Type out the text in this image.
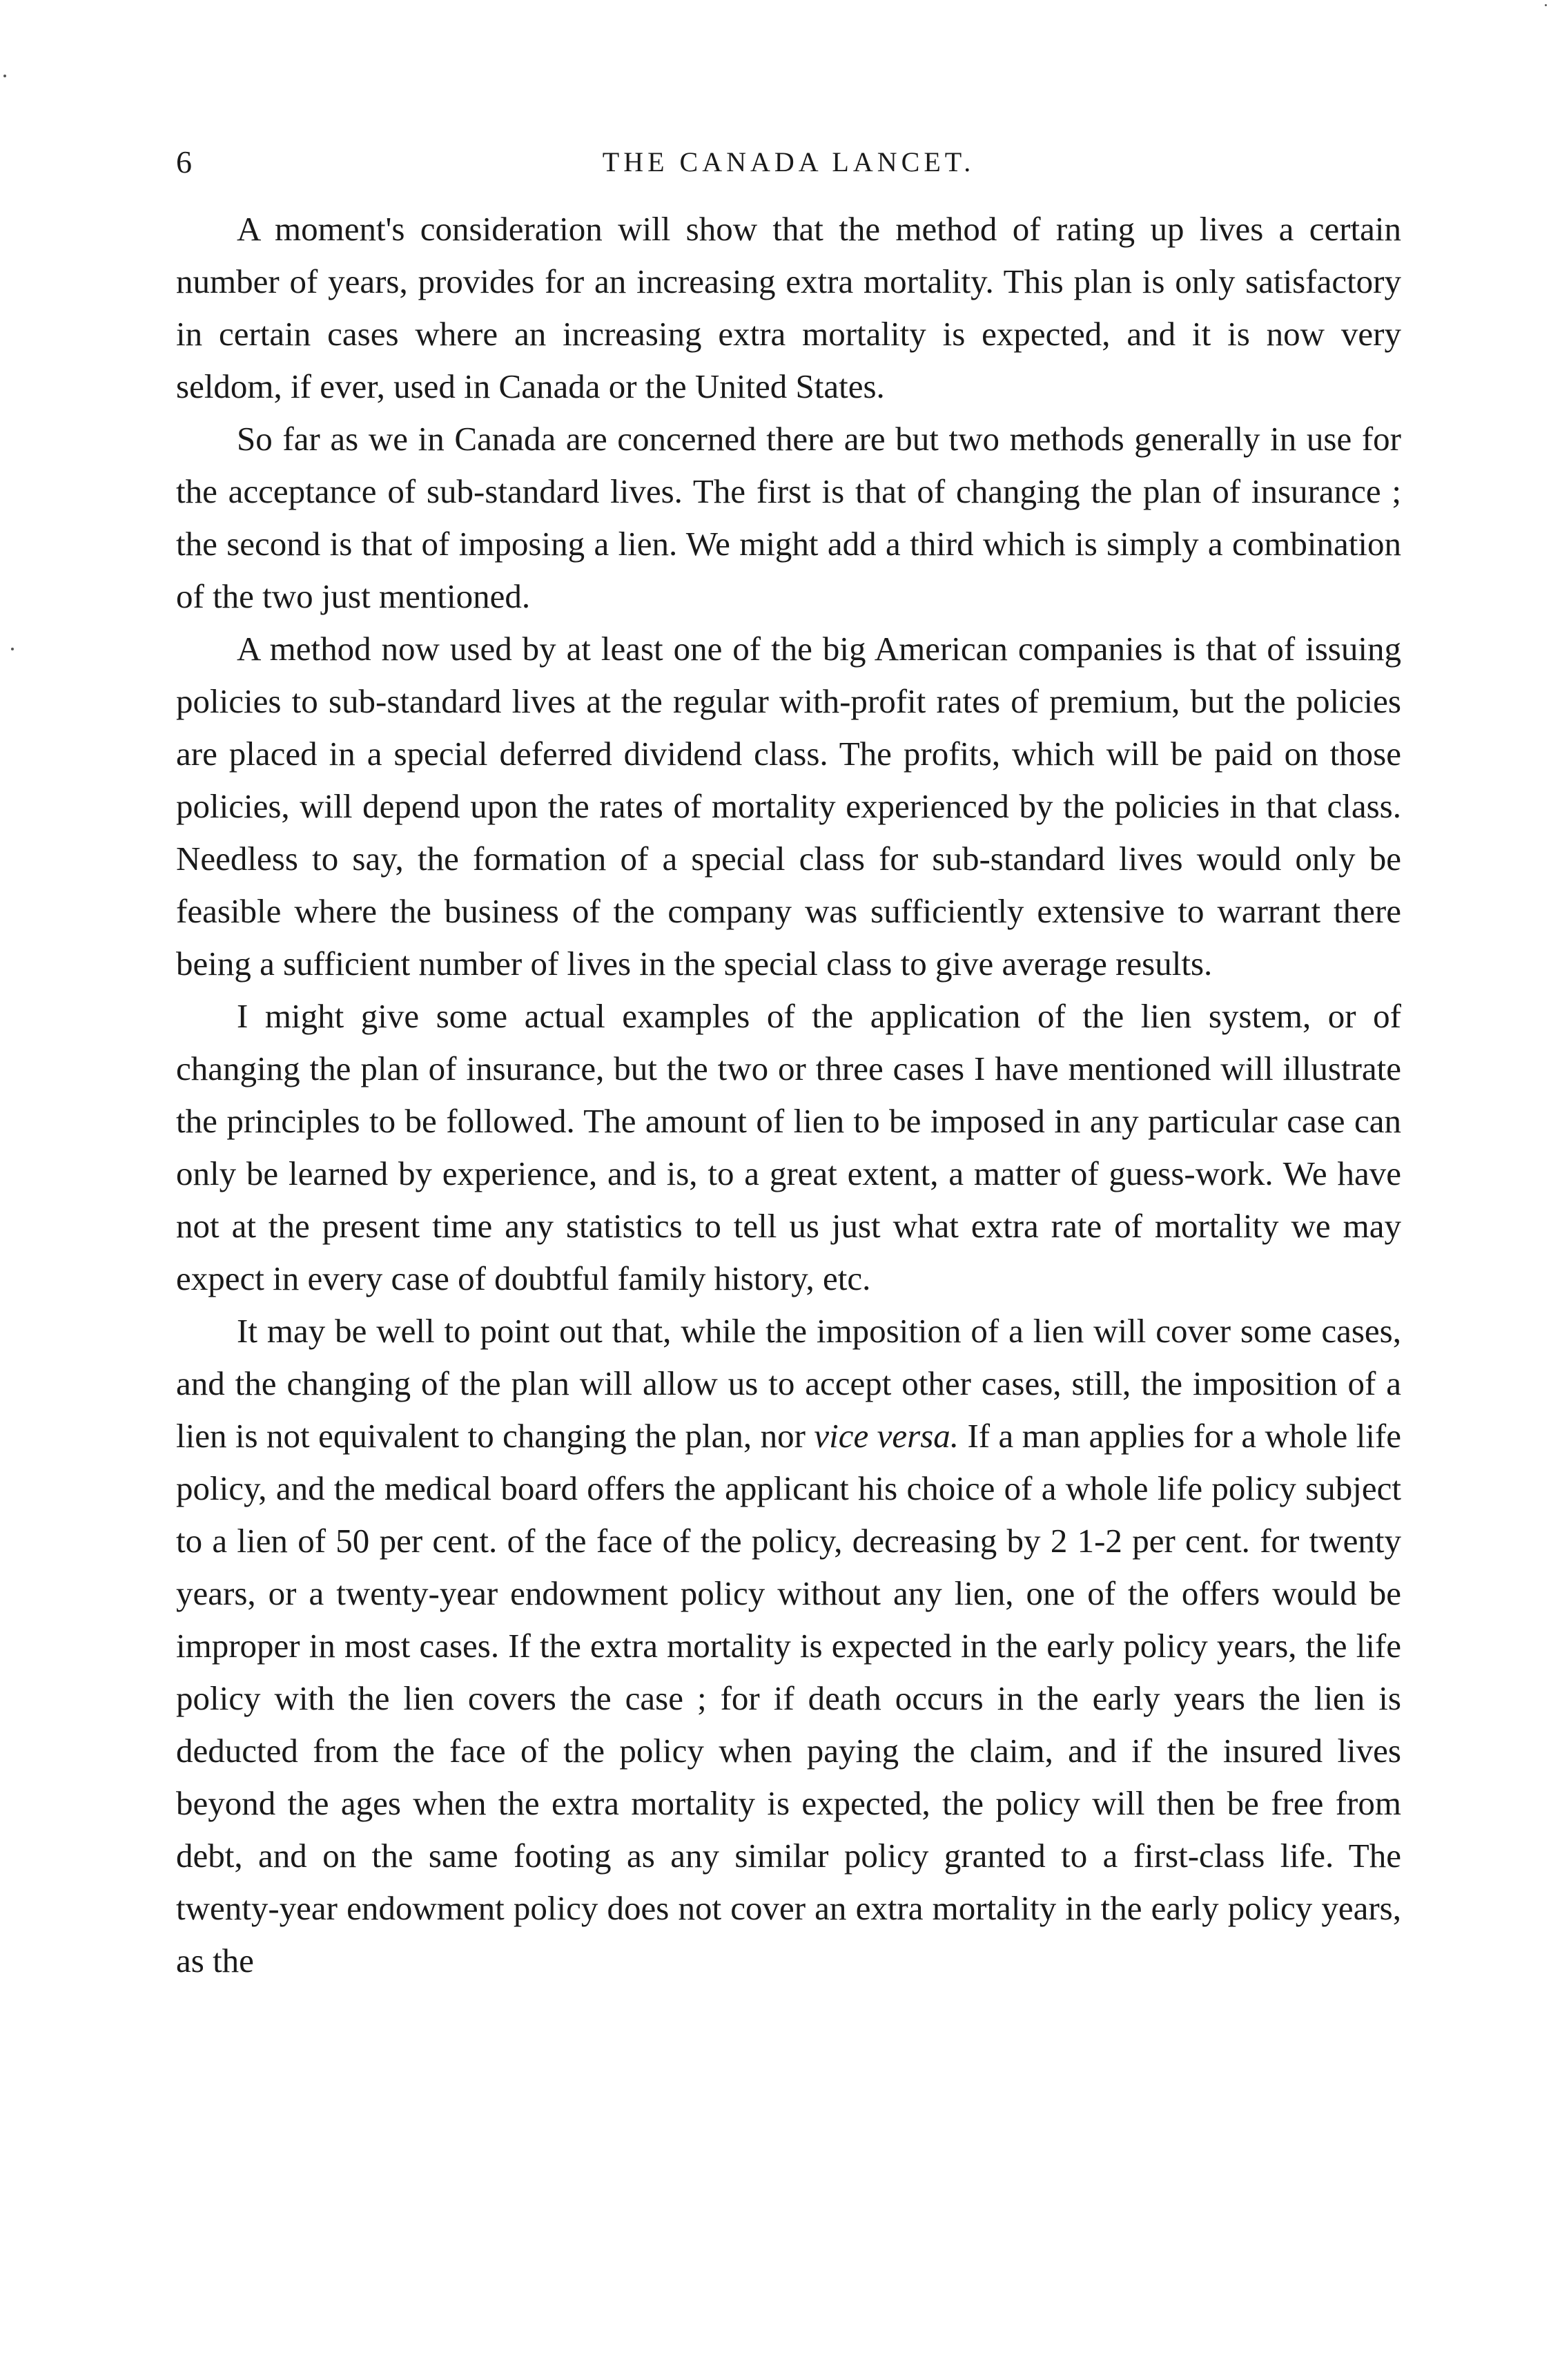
6	THE CANADA LANCET.

A moment's consideration will show that the method of rating up lives a certain number of years, provides for an increasing extra mortality. This plan is only satisfactory in certain cases where an increasing extra mortality is expected, and it is now very seldom, if ever, used in Canada or the United States.

So far as we in Canada are concerned there are but two methods generally in use for the acceptance of sub-standard lives. The first is that of changing the plan of insurance ; the second is that of imposing a lien. We might add a third which is simply a combination of the two just mentioned.

A method now used by at least one of the big American companies is that of issuing policies to sub-standard lives at the regular with-profit rates of premium, but the policies are placed in a special deferred dividend class. The profits, which will be paid on those policies, will depend upon the rates of mortality experienced by the policies in that class. Needless to say, the formation of a special class for sub-standard lives would only be feasible where the business of the company was sufficiently extensive to warrant there being a sufficient number of lives in the special class to give average results.

I might give some actual examples of the application of the lien system, or of changing the plan of insurance, but the two or three cases I have mentioned will illustrate the principles to be followed. The amount of lien to be imposed in any particular case can only be learned by experience, and is, to a great extent, a matter of guess-work. We have not at the present time any statistics to tell us just what extra rate of mortality we may expect in every case of doubtful family history, etc.

It may be well to point out that, while the imposition of a lien will cover some cases, and the changing of the plan will allow us to accept other cases, still, the imposition of a lien is not equivalent to changing the plan, nor vice versa. If a man applies for a whole life policy, and the medical board offers the applicant his choice of a whole life policy subject to a lien of 50 per cent. of the face of the policy, decreasing by 2 1-2 per cent. for twenty years, or a twenty-year endowment policy without any lien, one of the offers would be improper in most cases. If the extra mortality is expected in the early policy years, the life policy with the lien covers the case ; for if death occurs in the early years the lien is deducted from the face of the policy when paying the claim, and if the insured lives beyond the ages when the extra mortality is expected, the policy will then be free from debt, and on the same footing as any similar policy granted to a first-class life. The twenty-year endowment policy does not cover an extra mortality in the early policy years, as the
